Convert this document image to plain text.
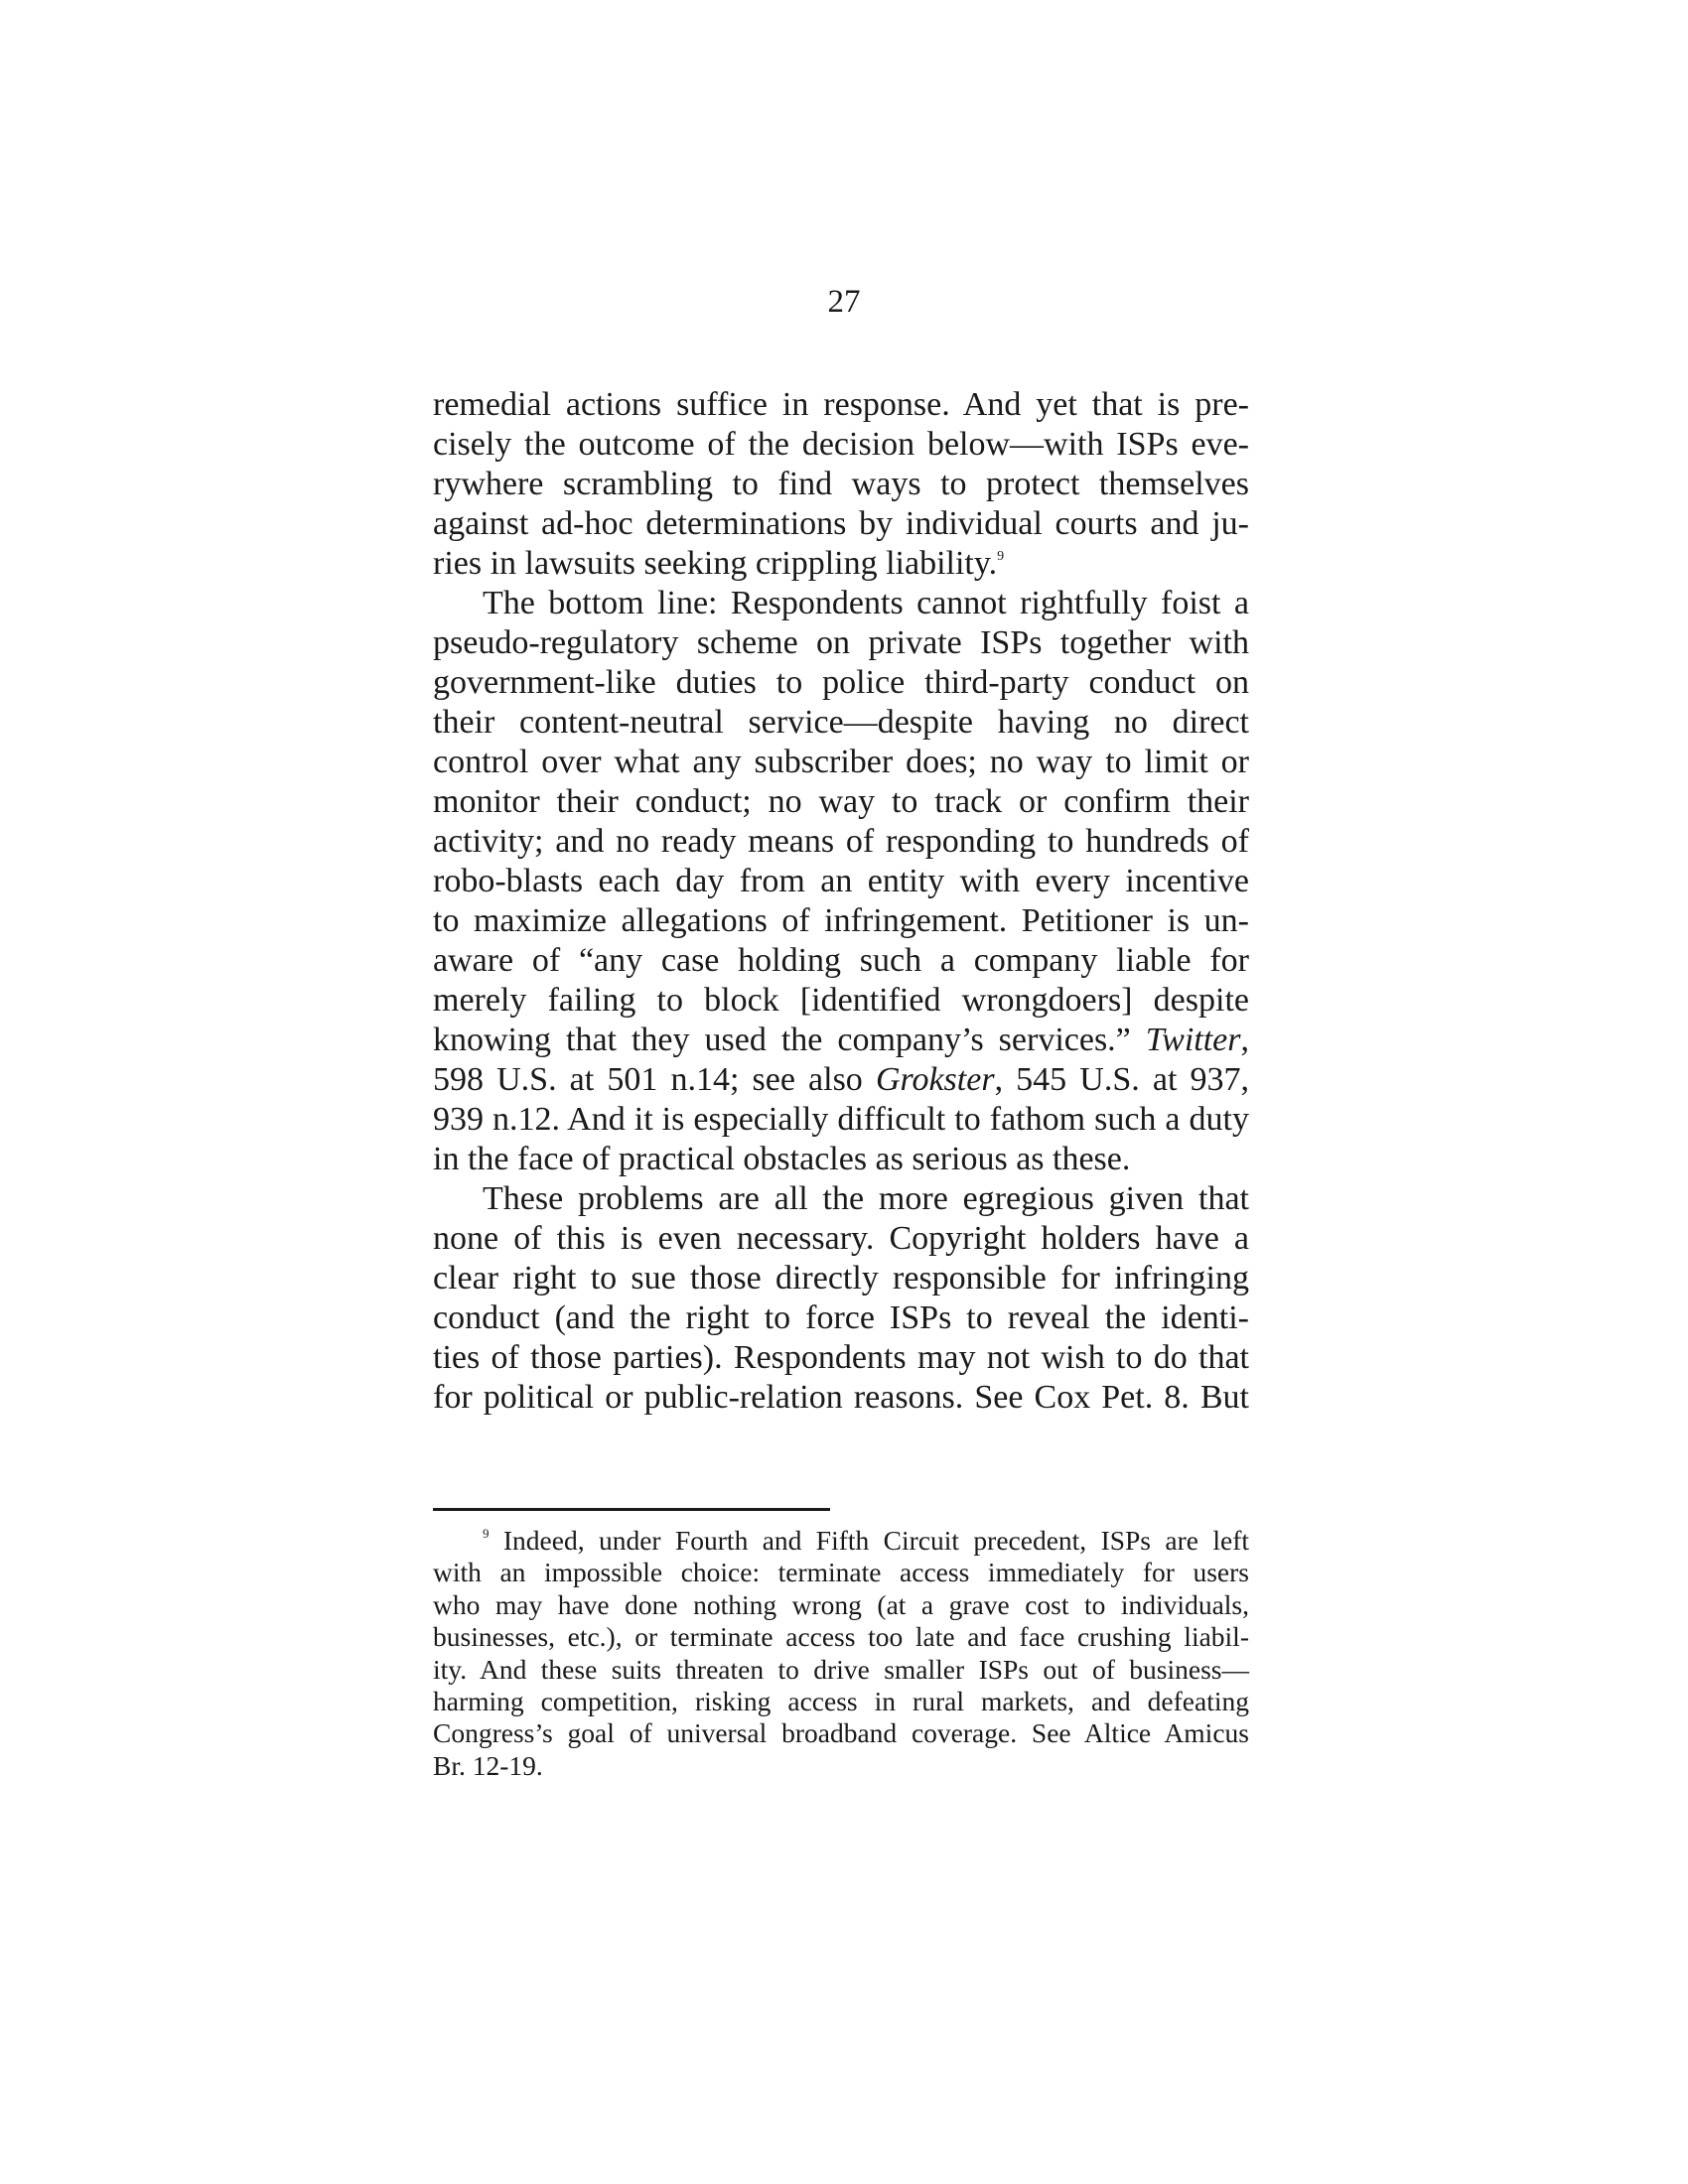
27
remedial actions suffice in response. And yet that is pre-
cisely the outcome of the decision below—with ISPs eve-
rywhere scrambling to find ways to protect themselves
against ad-hoc determinations by individual courts and ju-
ries in lawsuits seeking crippling liability.$^9$
The bottom line: Respondents cannot rightfully foist a
pseudo-regulatory scheme on private ISPs together with
government-like duties to police third-party conduct on
their content-neutral service—despite having no direct
control over what any subscriber does; no way to limit or
monitor their conduct; no way to track or confirm their
activity; and no ready means of responding to hundreds of
robo-blasts each day from an entity with every incentive
to maximize allegations of infringement. Petitioner is un-
aware of “any case holding such a company liable for
merely failing to block [identified wrongdoers] despite
knowing that they used the company’s services.” Twitter,
598 U.S. at 501 n.14; see also Grokster, 545 U.S. at 937,
939 n.12. And it is especially difficult to fathom such a duty
in the face of practical obstacles as serious as these.
These problems are all the more egregious given that
none of this is even necessary. Copyright holders have a
clear right to sue those directly responsible for infringing
conduct (and the right to force ISPs to reveal the identi-
ties of those parties). Respondents may not wish to do that
for political or public-relation reasons. See Cox Pet. 8. But
$^9$ Indeed, under Fourth and Fifth Circuit precedent, ISPs are left
with an impossible choice: terminate access immediately for users
who may have done nothing wrong (at a grave cost to individuals,
businesses, etc.), or terminate access too late and face crushing liabil-
ity. And these suits threaten to drive smaller ISPs out of business—
harming competition, risking access in rural markets, and defeating
Congress’s goal of universal broadband coverage. See Altice Amicus
Br. 12-19.
